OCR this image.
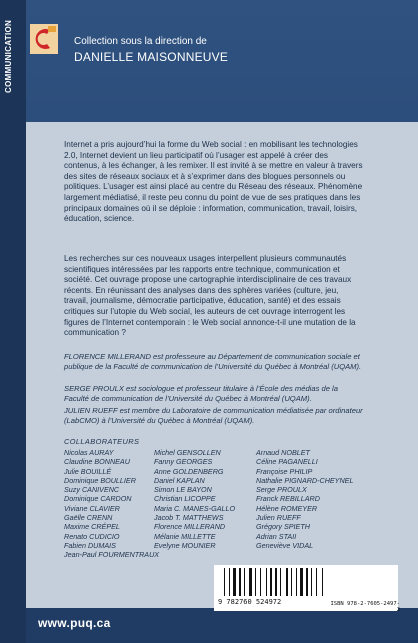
COMMUNICATION	Collection sous la direction de
DANIELLE MAISONNEUVE

Internet a pris aujourd’hui la forme du Web social : en mobilisant les technologies 2.0, Internet devient un lieu participatif où l’usager est appelé à créer des contenus, à les échanger, à les remixer. Il est invité à se mettre en valeur à travers des sites de réseaux sociaux et à s’exprimer dans des blogues personnels ou politiques. L’usager est ainsi placé au centre du Réseau des réseaux. Phénomène largement médiatisé, il reste peu connu du point de vue de ses pratiques dans les principaux domaines où il se déploie : information, communication, travail, loisirs, éducation, science.

Les recherches sur ces nouveaux usages interpellent plusieurs communautés scientifiques intéressées par les rapports entre technique, communication et société. Cet ouvrage propose une cartographie interdisciplinaire de ces travaux récents. En réunissant des analyses dans des sphères variées (culture, jeu, travail, journalisme, démocratie participative, éducation, santé) et des essais critiques sur l’utopie du Web social, les auteurs de cet ouvrage interrogent les figures de l’Internet contemporain : le Web social annonce-t-il une mutation de la communication ?

FLORENCE MILLERAND est professeure au Département de communication sociale et publique de la Faculté de communication de l’Université du Québec à Montréal (UQAM).

SERGE PROULX est sociologue et professeur titulaire à l’École des médias de la Faculté de communication de l’Université du Québec à Montréal (UQAM).

JULIEN RUEFF est membre du Laboratoire de communication médiatisée par ordinateur (LabCMO) à l’Université du Québec à Montréal (UQAM).

COLLABORATEURS
Nicolas AURAY
Claudine BONNEAU
Julie BOUILLÉ
Dominique BOULLIER
Suzy CANIVENC
Dominique CARDON
Viviane CLAVIER
Gaëlle CRENN
Maxime CRÉPEL
Renato CUDICIO
Fabien DUMAIS
Jean-Paul FOURMENTRAUX
Michel GENSOLLEN
Fanny GEORGES
Anne GOLDENBERG
Daniel KAPLAN
Simon LE BAYON
Christian LICOPPE
Maria C. MANES-GALLO
Jacob T. MATTHEWS
Florence MILLERAND
Mélanie MILLETTE
Evelyne MOUNIER
Arnaud NOBLET
Céline PAGANELLI
Françoise PHILIP
Nathalie PIGNARD-CHEYNEL
Serge PROULX
Franck REBILLARD
Hélène ROMEYER
Julien RUEFF
Grégory SPIETH
Adrian STAII
Geneviève VIDAL
9 782760 524972	ISBN 978-2-7605-2497-2
www.puq.ca
